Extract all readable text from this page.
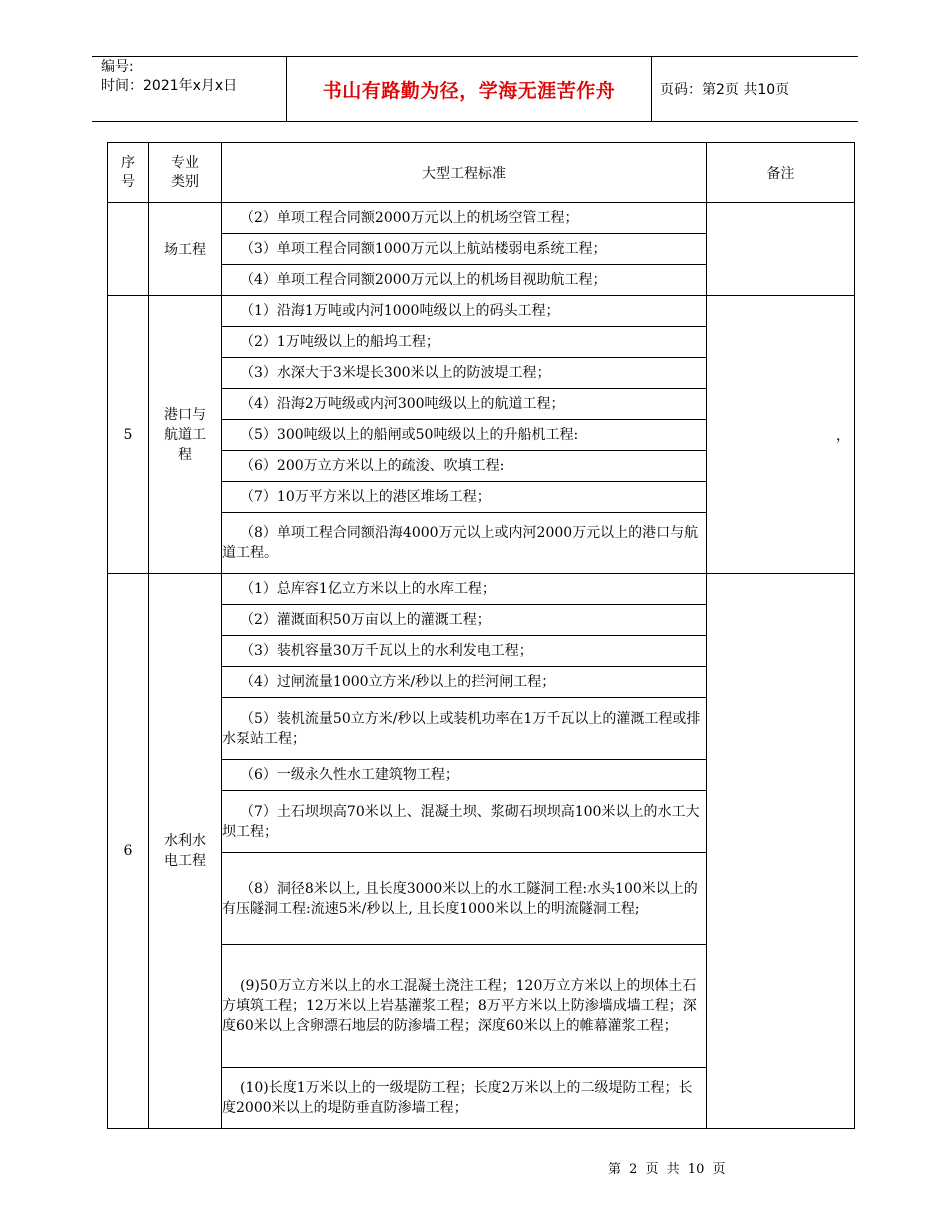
编号:
时间：2021年x月x日	书山有路勤为径，学海无涯苦作舟	页码：第2页 共10页
序号	专业类别	大型工程标准	备注
	场工程	（2）单项工程合同额2000万元以上的机场空管工程；	

		（3）单项工程合同额1000万元以上航站楼弱电系统工程；	

		（4）单项工程合同额2000万元以上的机场目视助航工程；	

5	港口与航道工程	（1）沿海1万吨或内河1000吨级以上的码头工程；	，

		（2）1万吨级以上的船坞工程；	

		（3）水深大于3米堤长300米以上的防波堤工程；	

		（4）沿海2万吨级或内河300吨级以上的航道工程；	

		（5）300吨级以上的船闸或50吨级以上的升船机工程:	

		（6）200万立方米以上的疏浚、吹填工程:	

		（7）10万平方米以上的港区堆场工程；	

		（8）单项工程合同额沿海4000万元以上或内河2000万元以上的港口与航道工程。	

6	水利水电工程	（1）总库容1亿立方米以上的水库工程；	

		（2）灌溉面积50万亩以上的灌溉工程；	

		（3）装机容量30万千瓦以上的水利发电工程；	

		（4）过闸流量1000立方米/秒以上的拦河闸工程；	

		（5）装机流量50立方米/秒以上或装机功率在1万千瓦以上的灌溉工程或排水泵站工程；	

		（6）一级永久性水工建筑物工程；	

		（7）土石坝坝高70米以上、混凝土坝、浆砌石坝坝高100米以上的水工大坝工程；	

		（8）洞径8米以上, 且长度3000米以上的水工隧洞工程:水头100米以上的有压隧洞工程:流速5米/秒以上, 且长度1000米以上的明流隧洞工程;	

		(9)50万立方米以上的水工混凝土浇注工程；120万立方米以上的坝体土石方填筑工程；12万米以上岩基灌浆工程；8万平方米以上防渗墙成墙工程；深度60米以上含卵漂石地层的防渗墙工程；深度60米以上的帷幕灌浆工程；	

		(10)长度1万米以上的一级堤防工程；长度2万米以上的二级堤防工程；长度2000米以上的堤防垂直防渗墙工程；	
第 2 页 共 10 页
